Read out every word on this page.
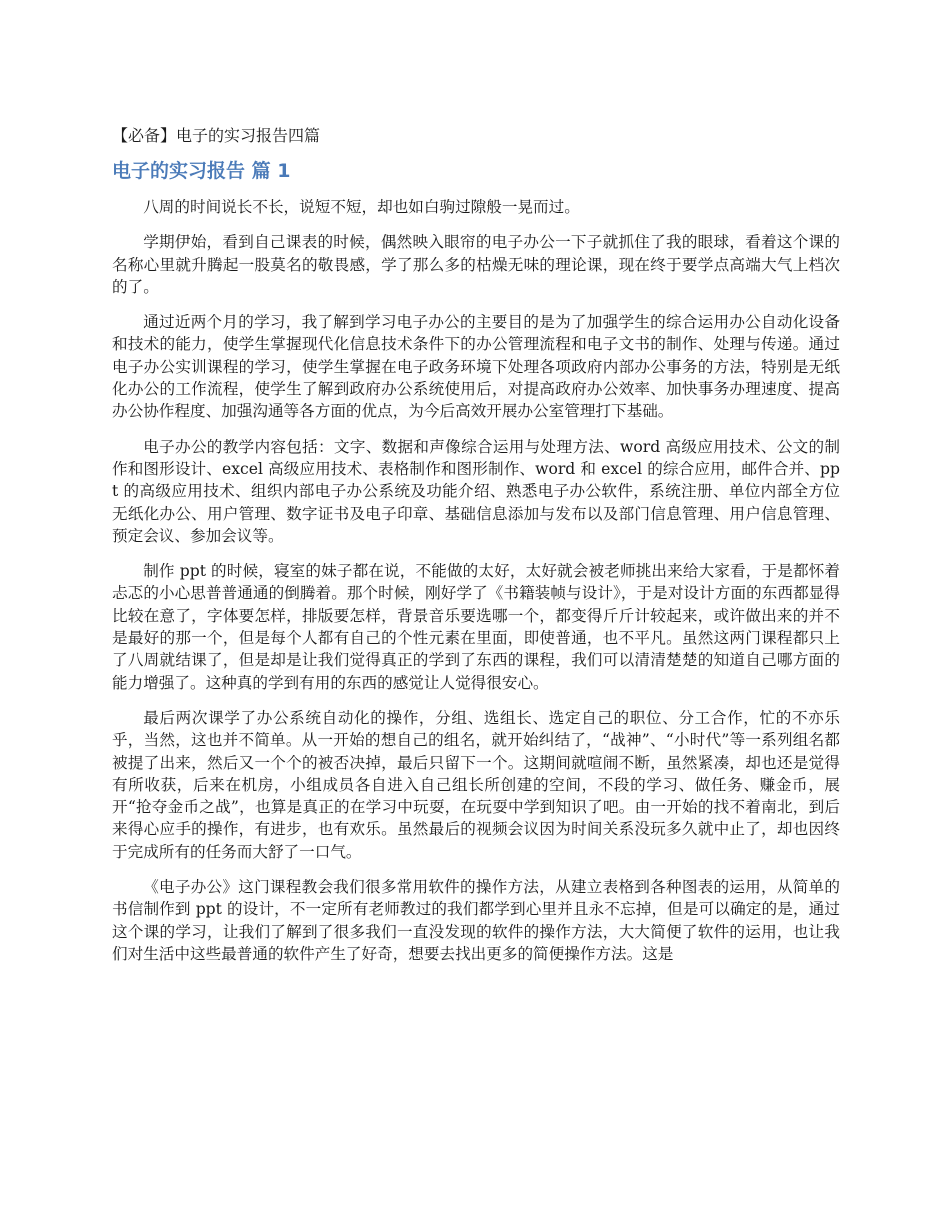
【必备】电子的实习报告四篇
电子的实习报告 篇 1

八周的时间说长不长，说短不短，却也如白驹过隙般一晃而过。

学期伊始，看到自己课表的时候，偶然映入眼帘的电子办公一下子就抓住了我的眼球，看着这个课的名称心里就升腾起一股莫名的敬畏感，学了那么多的枯燥无味的理论课，现在终于要学点高端大气上档次的了。

通过近两个月的学习，我了解到学习电子办公的主要目的是为了加强学生的综合运用办公自动化设备和技术的能力，使学生掌握现代化信息技术条件下的办公管理流程和电子文书的制作、处理与传递。通过电子办公实训课程的学习，使学生掌握在电子政务环境下处理各项政府内部办公事务的方法，特别是无纸化办公的工作流程，使学生了解到政府办公系统使用后，对提高政府办公效率、加快事务办理速度、提高办公协作程度、加强沟通等各方面的优点，为今后高效开展办公室管理打下基础。

电子办公的教学内容包括：文字、数据和声像综合运用与处理方法、word 高级应用技术、公文的制作和图形设计、excel 高级应用技术、表格制作和图形制作、word 和 excel 的综合应用，邮件合并、ppt 的高级应用技术、组织内部电子办公系统及功能介绍、熟悉电子办公软件，系统注册、单位内部全方位无纸化办公、用户管理、数字证书及电子印章、基础信息添加与发布以及部门信息管理、用户信息管理、预定会议、参加会议等。

制作 ppt 的时候，寝室的妹子都在说，不能做的太好，太好就会被老师挑出来给大家看，于是都怀着忐忑的小心思普普通通的倒腾着。那个时候，刚好学了《书籍装帧与设计》，于是对设计方面的东西都显得比较在意了，字体要怎样，排版要怎样，背景音乐要选哪一个，都变得斤斤计较起来，或许做出来的并不是最好的那一个，但是每个人都有自己的个性元素在里面，即使普通，也不平凡。虽然这两门课程都只上了八周就结课了，但是却是让我们觉得真正的学到了东西的课程，我们可以清清楚楚的知道自己哪方面的能力增强了。这种真的学到有用的东西的感觉让人觉得很安心。

最后两次课学了办公系统自动化的操作，分组、选组长、选定自己的职位、分工合作，忙的不亦乐乎，当然，这也并不简单。从一开始的想自己的组名，就开始纠结了，“战神”、“小时代”等一系列组名都被提了出来，然后又一个个的被否决掉，最后只留下一个。这期间就喧闹不断，虽然紧凑，却也还是觉得有所收获，后来在机房，小组成员各自进入自己组长所创建的空间，不段的学习、做任务、赚金币，展开“抢夺金币之战”，也算是真正的在学习中玩耍，在玩耍中学到知识了吧。由一开始的找不着南北，到后来得心应手的操作，有进步，也有欢乐。虽然最后的视频会议因为时间关系没玩多久就中止了，却也因终于完成所有的任务而大舒了一口气。

《电子办公》这门课程教会我们很多常用软件的操作方法，从建立表格到各种图表的运用，从简单的书信制作到 ppt 的设计，不一定所有老师教过的我们都学到心里并且永不忘掉，但是可以确定的是，通过这个课的学习，让我们了解到了很多我们一直没发现的软件的操作方法，大大简便了软件的运用，也让我们对生活中这些最普通的软件产生了好奇，想要去找出更多的简便操作方法。这是
